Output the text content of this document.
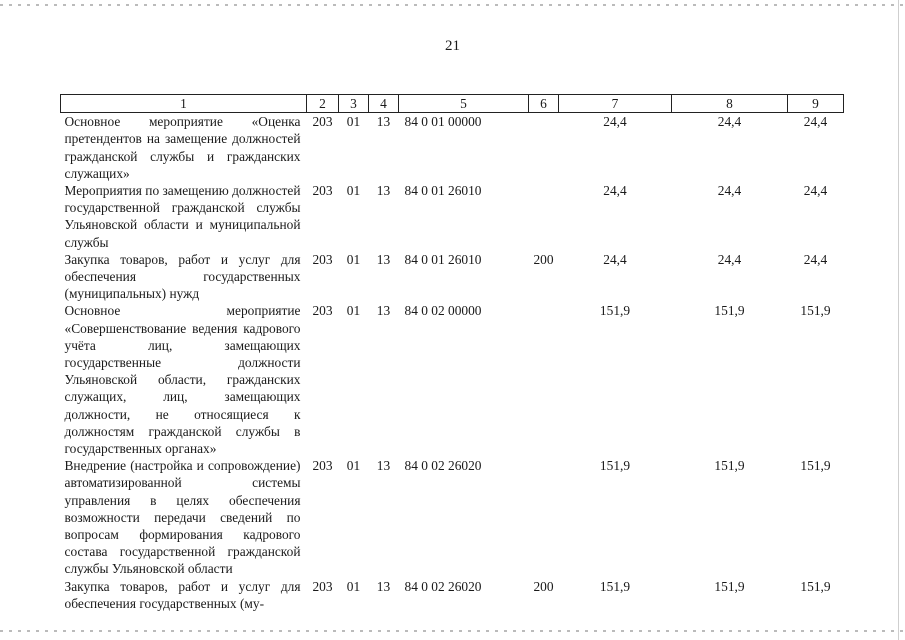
21
1	2	3	4	5	6	7	8	9
Основное мероприятие «Оценка претендентов на замещение должностей гражданской службы и гражданских служащих»	203	01	13	84 0 01 00000		24,4	24,4	24,4
Мероприятия по замещению должностей государственной гражданской службы Ульяновской области и муниципальной службы	203	01	13	84 0 01 26010		24,4	24,4	24,4
Закупка товаров, работ и услуг для обеспечения государственных (муниципальных) нужд	203	01	13	84 0 01 26010	200	24,4	24,4	24,4
Основное мероприятие «Совершенствование ведения кадрового учёта лиц, замещающих государственные должности Ульяновской области, гражданских служащих, лиц, замещающих должности, не относящиеся к должностям гражданской службы в государственных органах»	203	01	13	84 0 02 00000		151,9	151,9	151,9
Внедрение (настройка и сопровождение) автоматизированной системы управления в целях обеспечения возможности передачи сведений по вопросам формирования кадрового состава государственной гражданской службы Ульяновской области	203	01	13	84 0 02 26020		151,9	151,9	151,9
Закупка товаров, работ и услуг для обеспечения государственных (му-	203	01	13	84 0 02 26020	200	151,9	151,9	151,9
